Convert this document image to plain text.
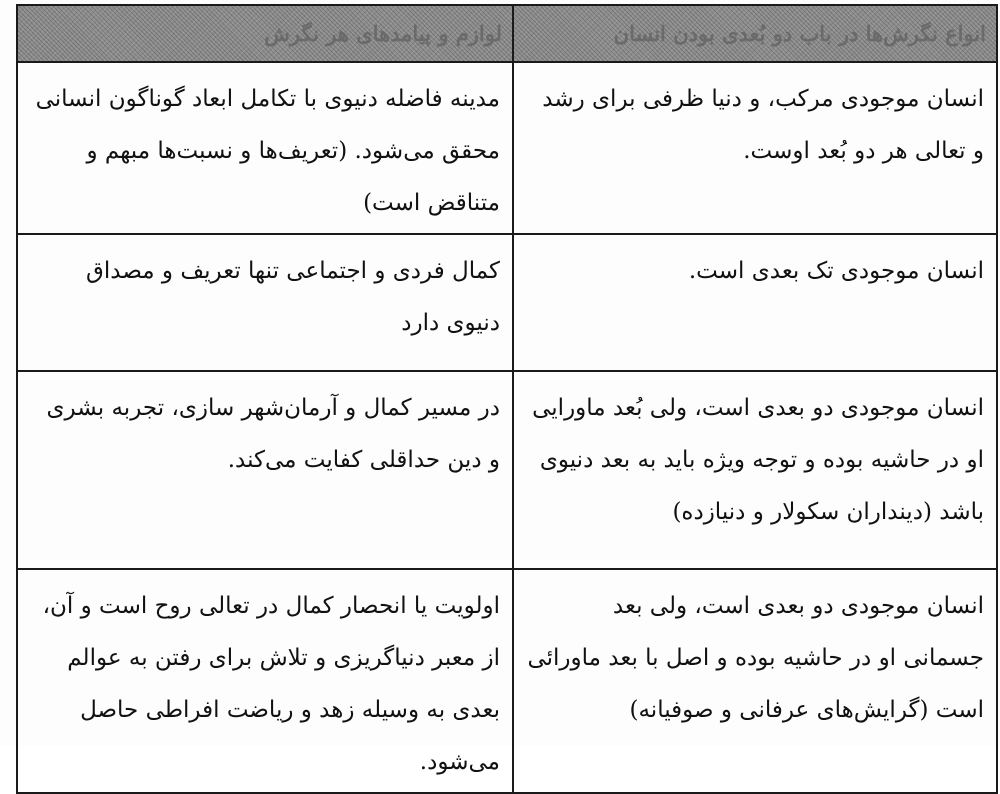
انواع نگرش‌ها در باب دو بُعدی بودن انسان	لوازم و پیامدهای هر نگرش
انسان موجودی مرکب، و دنیا ظرفی برای رشد و تعالی هر دو بُعد اوست.	مدینه فاضله دنیوی با تکامل ابعاد گوناگون انسانی محقق می‌شود. (تعریف‌ها و نسبت‌ها مبهم و متناقض است)
انسان موجودی تک بعدی است.	کمال فردی و اجتماعی تنها تعریف و مصداق دنیوی دارد
انسان موجودی دو بعدی است، ولی بُعد ماورایی او در حاشیه بوده و توجه ویژه باید به بعد دنیوی باشد (دینداران سکولار و دنیازده)	در مسیر کمال و آرمان‌شهر سازی، تجربه بشری و دین حداقلی کفایت می‌کند.
انسان موجودی دو بعدی است، ولی بعد جسمانی او در حاشیه بوده و اصل با بعد ماورائی است (گرایش‌های عرفانی و صوفیانه)	اولویت یا انحصار کمال در تعالی روح است و آن، از معبر دنیاگریزی و تلاش برای رفتن به عوالم بعدی به وسیله زهد و ریاضت افراطی حاصل می‌شود.
